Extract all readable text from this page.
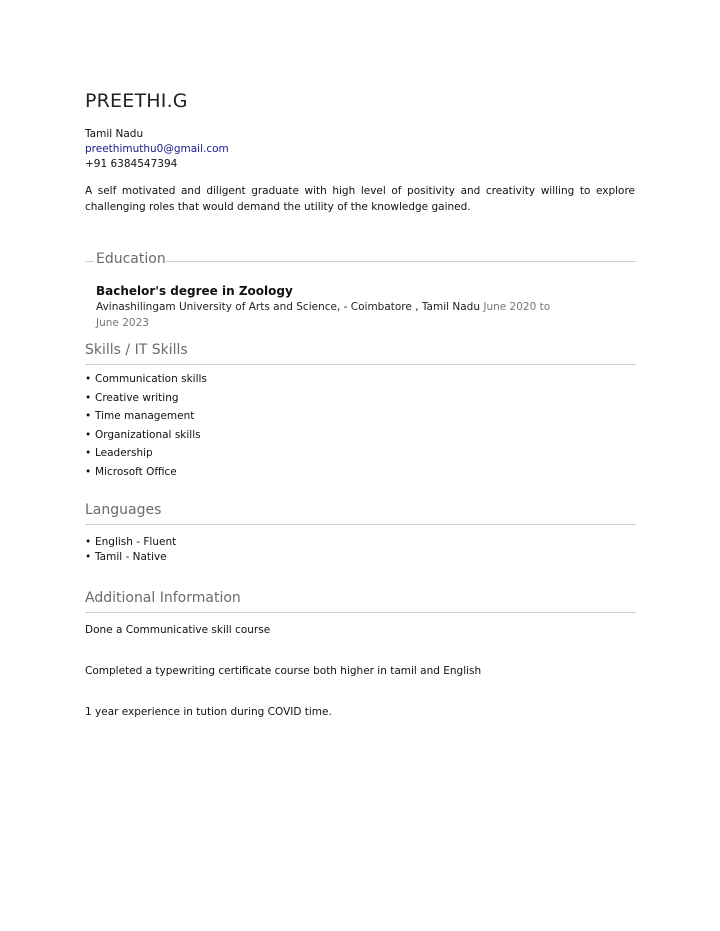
PREETHI.G
Tamil Nadu
preethimuthu0@gmail.com
+91 6384547394
A self motivated and diligent graduate with high level of positivity and creativity willing to explore challenging roles that would demand the utility of the knowledge gained.
Education
Bachelor's degree in Zoology
Avinashilingam University of Arts and Science, - Coimbatore , Tamil Nadu June 2020 to June 2023
Skills / IT Skills
• Communication skills
• Creative writing
• Time management
• Organizational skills
• Leadership
• Microsoft Office
Languages
• English - Fluent
• Tamil - Native
Additional Information
Done a Communicative skill course
Completed a typewriting certificate course both higher in tamil and English
1 year experience in tution during COVID time.
